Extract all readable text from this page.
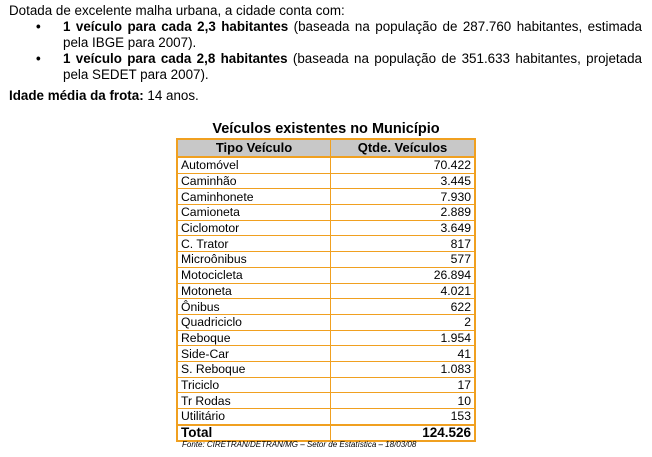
Dotada de excelente malha urbana, a cidade conta com:
• 1 veículo para cada 2,3 habitantes (baseada na população de 287.760 habitantes, estimada pela IBGE para 2007).
• 1 veículo para cada 2,8 habitantes (baseada na população de 351.633 habitantes, projetada pela SEDET para 2007).
Idade média da frota: 14 anos.
Veículos existentes no Município
Tipo Veículo	Qtde. Veículos
Automóvel	70.422
Caminhão	3.445
Caminhonete	7.930
Camioneta	2.889
Ciclomotor	3.649
C. Trator	817
Microônibus	577
Motocicleta	26.894
Motoneta	4.021
Ônibus	622
Quadriciclo	2
Reboque	1.954
Side-Car	41
S. Reboque	1.083
Triciclo	17
Tr Rodas	10
Utilitário	153
Total	124.526
Fonte: CIRETRAN/DETRAN/MG – Setor de Estatística – 18/03/08
